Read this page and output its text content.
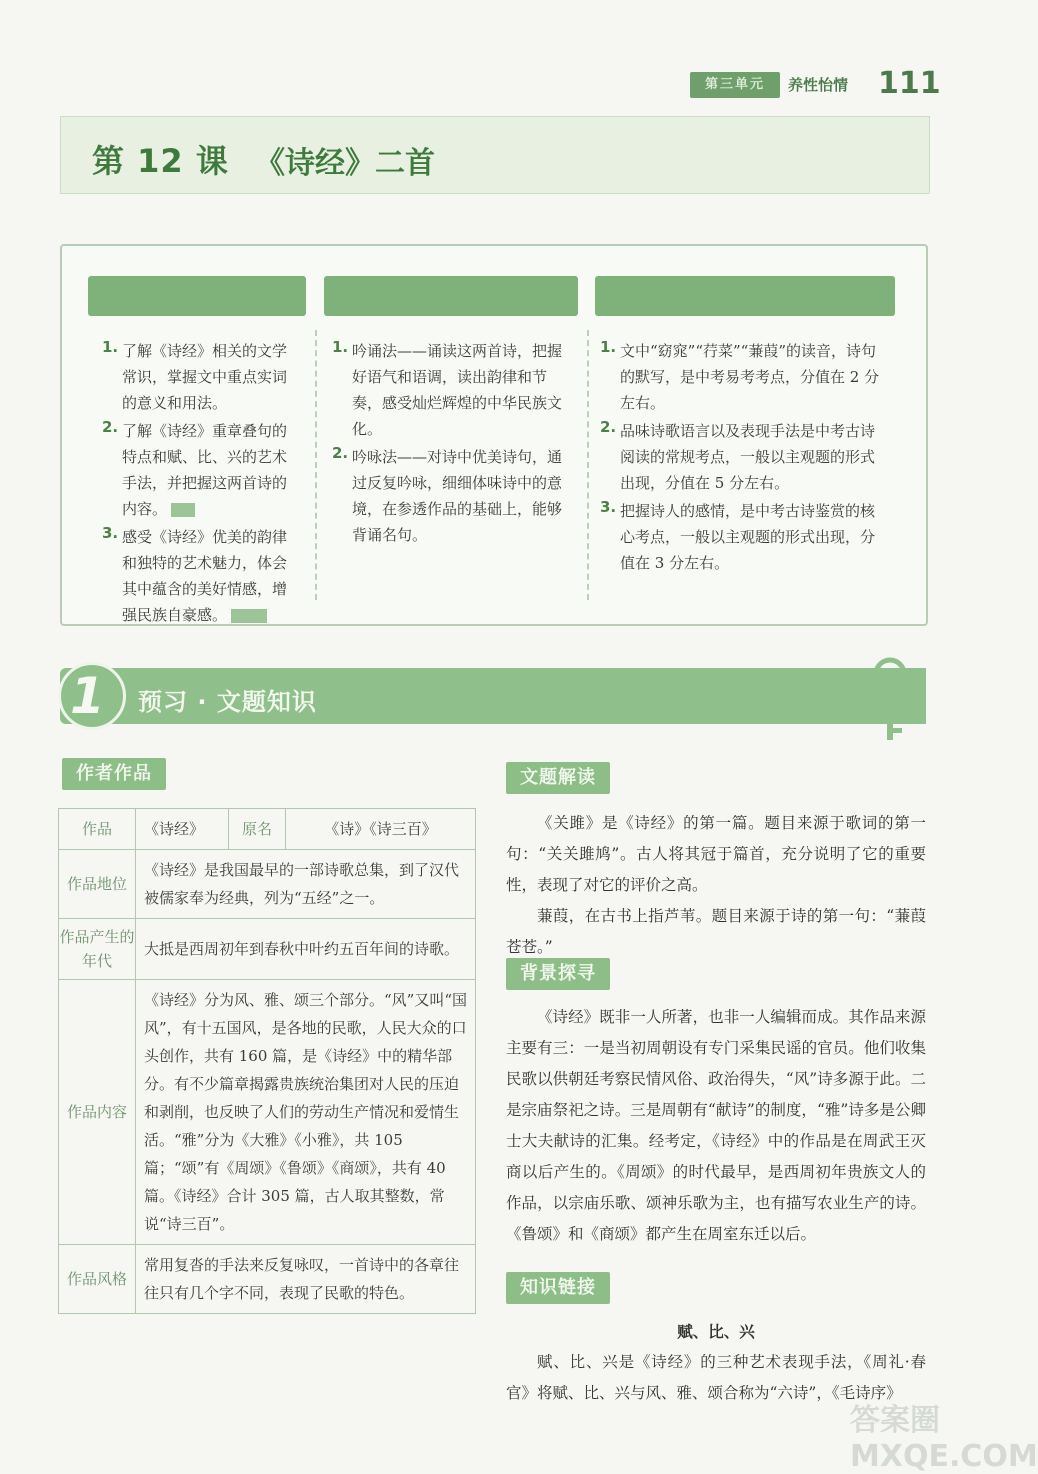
第三单元	养性怡情 111
第 12 课 《诗经》二首
1. 了解《诗经》相关的文学常识，掌握文中重点实词的意义和用法。
2. 了解《诗经》重章叠句的特点和赋、比、兴的艺术手法，并把握这两首诗的内容。
3. 感受《诗经》优美的韵律和独特的艺术魅力，体会其中蕴含的美好情感，增强民族自豪感。
1. 吟诵法——诵读这两首诗，把握好语气和语调，读出韵律和节奏，感受灿烂辉煌的中华民族文化。
2. 吟咏法——对诗中优美诗句，通过反复吟咏，细细体味诗中的意境，在参透作品的基础上，能够背诵名句。
1. 文中“窈窕”“荇菜”“蒹葭”的读音，诗句的默写，是中考易考考点，分值在 2 分左右。
2. 品味诗歌语言以及表现手法是中考古诗阅读的常规考点，一般以主观题的形式出现，分值在 5 分左右。
3. 把握诗人的感情，是中考古诗鉴赏的核心考点，一般以主观题的形式出现，分值在 3 分左右。
1 预习 · 文题知识
作者作品
作品	《诗经》 原名 《诗》《诗三百》

作品地位	《诗经》是我国最早的一部诗歌总集，到了汉代被儒家奉为经典，列为“五经”之一。
作品产生的年代	大抵是西周初年到春秋中叶约五百年间的诗歌。
作品内容	《诗经》分为风、雅、颂三个部分。“风”又叫“国风”，有十五国风，是各地的民歌，人民大众的口头创作，共有 160 篇，是《诗经》中的精华部分。有不少篇章揭露贵族统治集团对人民的压迫和剥削，也反映了人们的劳动生产情况和爱情生活。“雅”分为《大雅》《小雅》，共 105 篇；“颂”有《周颂》《鲁颂》《商颂》，共有 40 篇。《诗经》合计 305 篇，古人取其整数，常说“诗三百”。
作品风格	常用复沓的手法来反复咏叹，一首诗中的各章往往只有几个字不同，表现了民歌的特色。
文题解读

《关雎》是《诗经》的第一篇。题目来源于歌词的第一句：“关关雎鸠”。古人将其冠于篇首，充分说明了它的重要性，表现了对它的评价之高。

蒹葭，在古书上指芦苇。题目来源于诗的第一句：“蒹葭苍苍。”

背景探寻

《诗经》既非一人所著，也非一人编辑而成。其作品来源主要有三：一是当初周朝设有专门采集民谣的官员。他们收集民歌以供朝廷考察民情风俗、政治得失，“风”诗多源于此。二是宗庙祭祀之诗。三是周朝有“献诗”的制度，“雅”诗多是公卿士大夫献诗的汇集。经考定，《诗经》中的作品是在周武王灭商以后产生的。《周颂》的时代最早，是西周初年贵族文人的作品，以宗庙乐歌、颂神乐歌为主，也有描写农业生产的诗。《鲁颂》和《商颂》都产生在周室东迁以后。

知识链接
赋、比、兴

赋、比、兴是《诗经》的三种艺术表现手法，《周礼·春官》将赋、比、兴与风、雅、颂合称为“六诗”，《毛诗序》

答案圈 MXQE.COM
